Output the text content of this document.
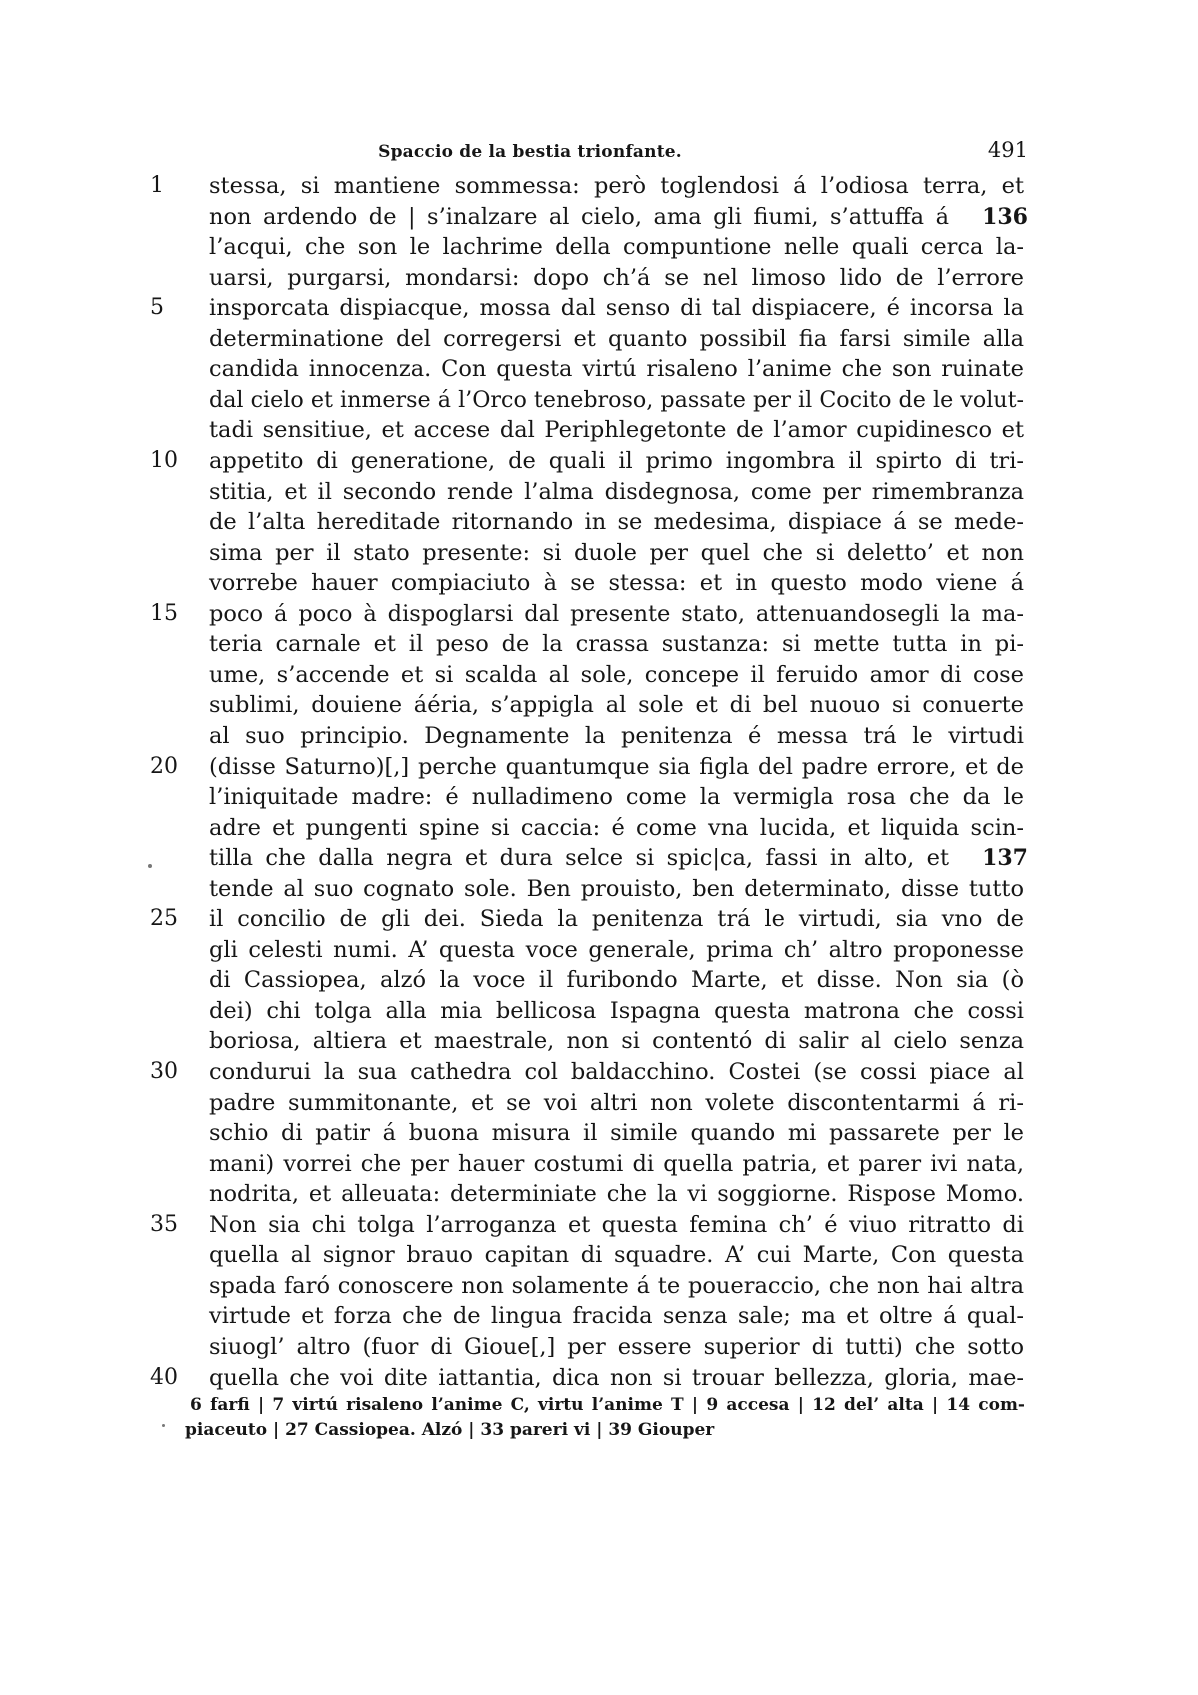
Spaccio de la bestia trionfante.	491
1	stessa, si mantiene sommessa: però toglendosi á l’odiosa terra, et
non ardendo de | s’inalzare al cielo, ama gli fiumi, s’attuffa á	136
l’acqui, che son le lachrime della compuntione nelle quali cerca la-
uarsi, purgarsi, mondarsi: dopo ch’á se nel limoso lido de l’errore
5	insporcata dispiacque, mossa dal senso di tal dispiacere, é incorsa la
determinatione del corregersi et quanto possibil fia farsi simile alla
candida innocenza. Con questa virtú risaleno l’anime che son ruinate
dal cielo et inmerse á l’Orco tenebroso, passate per il Cocito de le volut-
tadi sensitiue, et accese dal Periphlegetonte de l’amor cupidinesco et
10	appetito di generatione, de quali il primo ingombra il spirto di tri-
stitia, et il secondo rende l’alma disdegnosa, come per rimembranza
de l’alta hereditade ritornando in se medesima, dispiace á se mede-
sima per il stato presente: si duole per quel che si deletto’ et non
vorrebe hauer compiaciuto à se stessa: et in questo modo viene á
15	poco á poco à dispoglarsi dal presente stato, attenuandosegli la ma-
teria carnale et il peso de la crassa sustanza: si mette tutta in pi-
ume, s’accende et si scalda al sole, concepe il feruido amor di cose
sublimi, douiene áéria, s’appigla al sole et di bel nuouo si conuerte
al suo principio. Degnamente la penitenza é messa trá le virtudi
20	(disse Saturno)[,] perche quantumque sia figla del padre errore, et de
l’iniquitade madre: é nulladimeno come la vermigla rosa che da le
adre et pungenti spine si caccia: é come vna lucida, et liquida scin-
tilla che dalla negra et dura selce si spic|ca, fassi in alto, et	137
tende al suo cognato sole. Ben prouisto, ben determinato, disse tutto
25	il concilio de gli dei. Sieda la penitenza trá le virtudi, sia vno de
gli celesti numi. A’ questa voce generale, prima ch’ altro proponesse
di Cassiopea, alzó la voce il furibondo Marte, et disse. Non sia (ò
dei) chi tolga alla mia bellicosa Ispagna questa matrona che cossi
boriosa, altiera et maestrale, non si contentó di salir al cielo senza
30	condurui la sua cathedra col baldacchino. Costei (se cossi piace al
padre summitonante, et se voi altri non volete discontentarmi á ri-
schio di patir á buona misura il simile quando mi passarete per le
mani) vorrei che per hauer costumi di quella patria, et parer ivi nata,
nodrita, et alleuata: determiniate che la vi soggiorne. Rispose Momo.
35	Non sia chi tolga l’arroganza et questa femina ch’ é viuo ritratto di
quella al signor brauo capitan di squadre. A’ cui Marte, Con questa
spada faró conoscere non solamente á te poueraccio, che non hai altra
virtude et forza che de lingua fracida senza sale; ma et oltre á qual-
siuogl’ altro (fuor di Gioue[,] per essere superior di tutti) che sotto
40	quella che voi dite iattantia, dica non si trouar bellezza, gloria, mae-
6 farfi | 7 virtú risaleno l’anime C, virtu l’anime T | 9 accesa | 12 del’ alta | 14 com-
piaceuto | 27 Cassiopea. Alzó | 33 pareri vi | 39 Giouper
